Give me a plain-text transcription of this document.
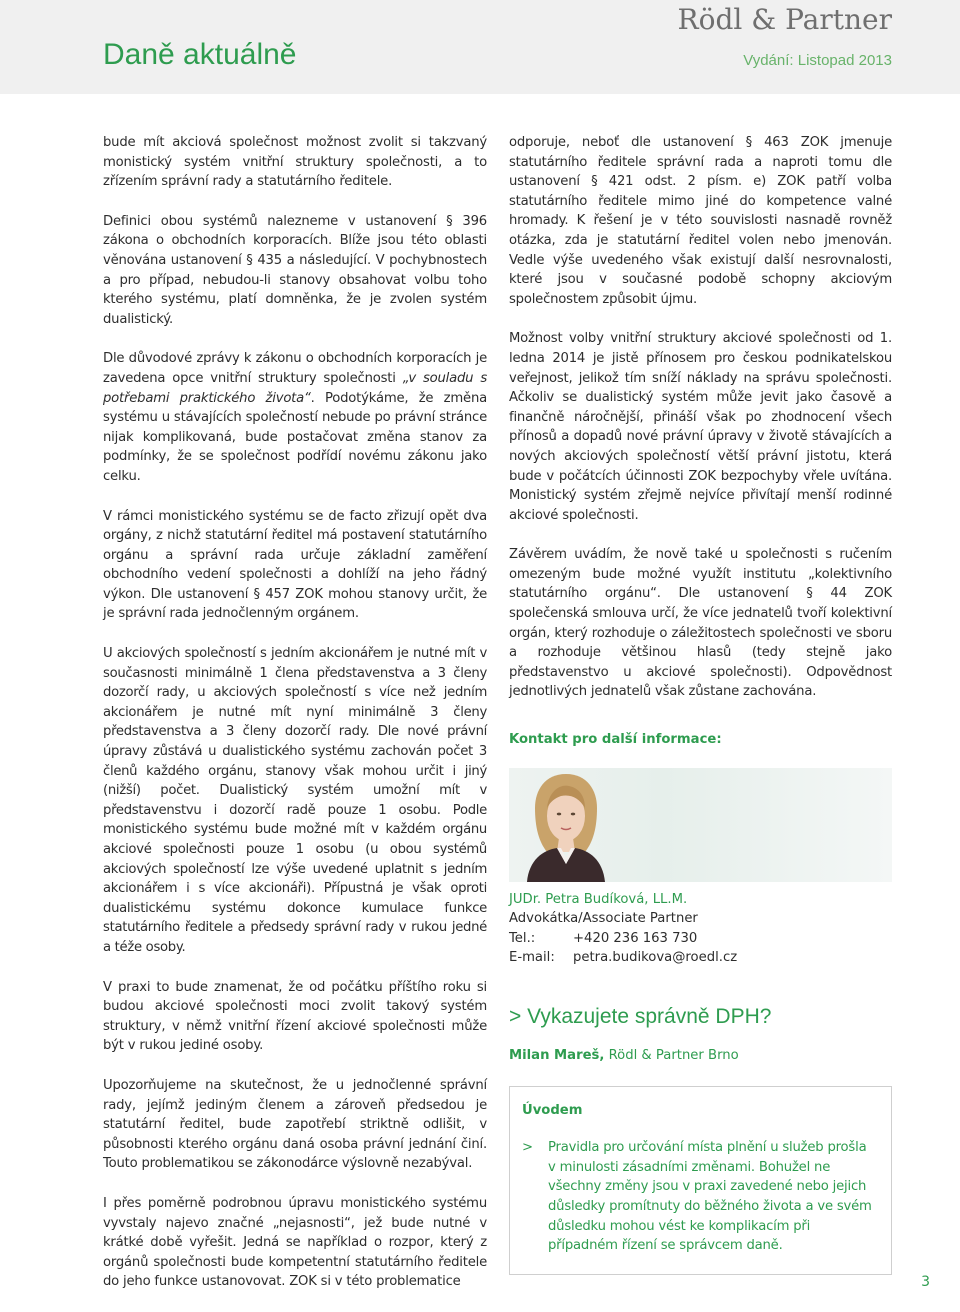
Rödl & Partner
Daně aktuálně	Vydání: Listopad 2013

bude mít akciová společnost možnost zvolit si takzvaný monistický systém vnitřní struktury společnosti, a to zřízením správní rady a statutárního ředitele.

Definici obou systémů nalezneme v ustanovení § 396 zákona o obchodních korporacích. Blíže jsou této oblasti věnována ustanovení § 435 a následující. V pochybnostech a pro případ, nebudou-li stanovy obsahovat volbu toho kterého systému, platí domněnka, že je zvolen systém dualistický.

Dle důvodové zprávy k zákonu o obchodních korporacích je zavedena opce vnitřní struktury společnosti „v souladu s potřebami praktického života“. Podotýkáme, že změna systému u stávajících společností nebude po právní stránce nijak komplikovaná, bude postačovat změna stanov za podmínky, že se společnost podřídí novému zákonu jako celku.

V rámci monistického systému se de facto zřizují opět dva orgány, z nichž statutární ředitel má postavení statutárního orgánu a správní rada určuje základní zaměření obchodního vedení společnosti a dohlíží na jeho řádný výkon. Dle ustanovení § 457 ZOK mohou stanovy určit, že je správní rada jednočlenným orgánem.

U akciových společností s jedním akcionářem je nutné mít v současnosti minimálně 1 člena představenstva a 3 členy dozorčí rady, u akciových společností s více než jedním akcionářem je nutné mít nyní minimálně 3 členy představenstva a 3 členy dozorčí rady. Dle nové právní úpravy zůstává u dualistického systému zachován počet 3 členů každého orgánu, stanovy však mohou určit i jiný (nižší) počet. Dualistický systém umožní mít v představenstvu i dozorčí radě pouze 1 osobu. Podle monistického systému bude možné mít v každém orgánu akciové společnosti pouze 1 osobu (u obou systémů akciových společností lze výše uvedené uplatnit s jedním akcionářem i s více akcionáři). Přípustná je však oproti dualistickému systému dokonce kumulace funkce statutárního ředitele a předsedy správní rady v rukou jedné a téže osoby.

V praxi to bude znamenat, že od počátku příštího roku si budou akciové společnosti moci zvolit takový systém struktury, v němž vnitřní řízení akciové společnosti může být v rukou jediné osoby.

Upozorňujeme na skutečnost, že u jednočlenné správní rady, jejímž jediným členem a zároveň předsedou je statutární ředitel, bude zapotřebí striktně odlišit, v působnosti kterého orgánu daná osoba právní jednání činí. Touto problematikou se zákonodárce výslovně nezabýval.

I přes poměrně podrobnou úpravu monistického systému vyvstaly najevo značné „nejasnosti“, jež bude nutné v krátké době vyřešit. Jedná se například o rozpor, který z orgánů společnosti bude kompetentní statutárního ředitele do jeho funkce ustanovovat. ZOK si v této problematice

odporuje, neboť dle ustanovení § 463 ZOK jmenuje statutárního ředitele správní rada a naproti tomu dle ustanovení § 421 odst. 2 písm. e) ZOK patří volba statutárního ředitele mimo jiné do kompetence valné hromady. K řešení je v této souvislosti nasnadě rovněž otázka, zda je statutární ředitel volen nebo jmenován. Vedle výše uvedeného však existují další nesrovnalosti, které jsou v současné podobě schopny akciovým společnostem způsobit újmu.

Možnost volby vnitřní struktury akciové společnosti od 1. ledna 2014 je jistě přínosem pro českou podnikatelskou veřejnost, jelikož tím sníží náklady na správu společnosti. Ačkoliv se dualistický systém může jevit jako časově a finančně náročnější, přináší však po zhodnocení všech přínosů a dopadů nové právní úpravy v životě stávajících a nových akciových společností větší právní jistotu, která bude v počátcích účinnosti ZOK bezpochyby vřele uvítána. Monistický systém zřejmě nejvíce přivítají menší rodinné akciové společnosti.

Závěrem uvádím, že nově také u společnosti s ručením omezeným bude možné využít institutu „kolektivního statutárního orgánu“. Dle ustanovení § 44 ZOK společenská smlouva určí, že více jednatelů tvoří kolektivní orgán, který rozhoduje o záležitostech společnosti ve sboru a rozhoduje většinou hlasů (tedy stejně jako představenstvo u akciové společnosti). Odpovědnost jednotlivých jednatelů však zůstane zachována.

Kontakt pro další informace:
JUDr. Petra Budíková, LL.M.
Advokátka/Associate Partner
Tel.:	+420 236 163 730
E-mail: petra.budikova@roedl.cz
> Vykazujete správně DPH?
Milan Mareš, Rödl & Partner Brno
Úvodem
>	Pravidla pro určování místa plnění u služeb prošla v minulosti zásadními změnami. Bohužel ne všechny změny jsou v praxi zavedené nebo jejich důsledky promítnuty do běžného života a ve svém důsledku mohou vést ke komplikacím při případném řízení se správcem daně.
3
